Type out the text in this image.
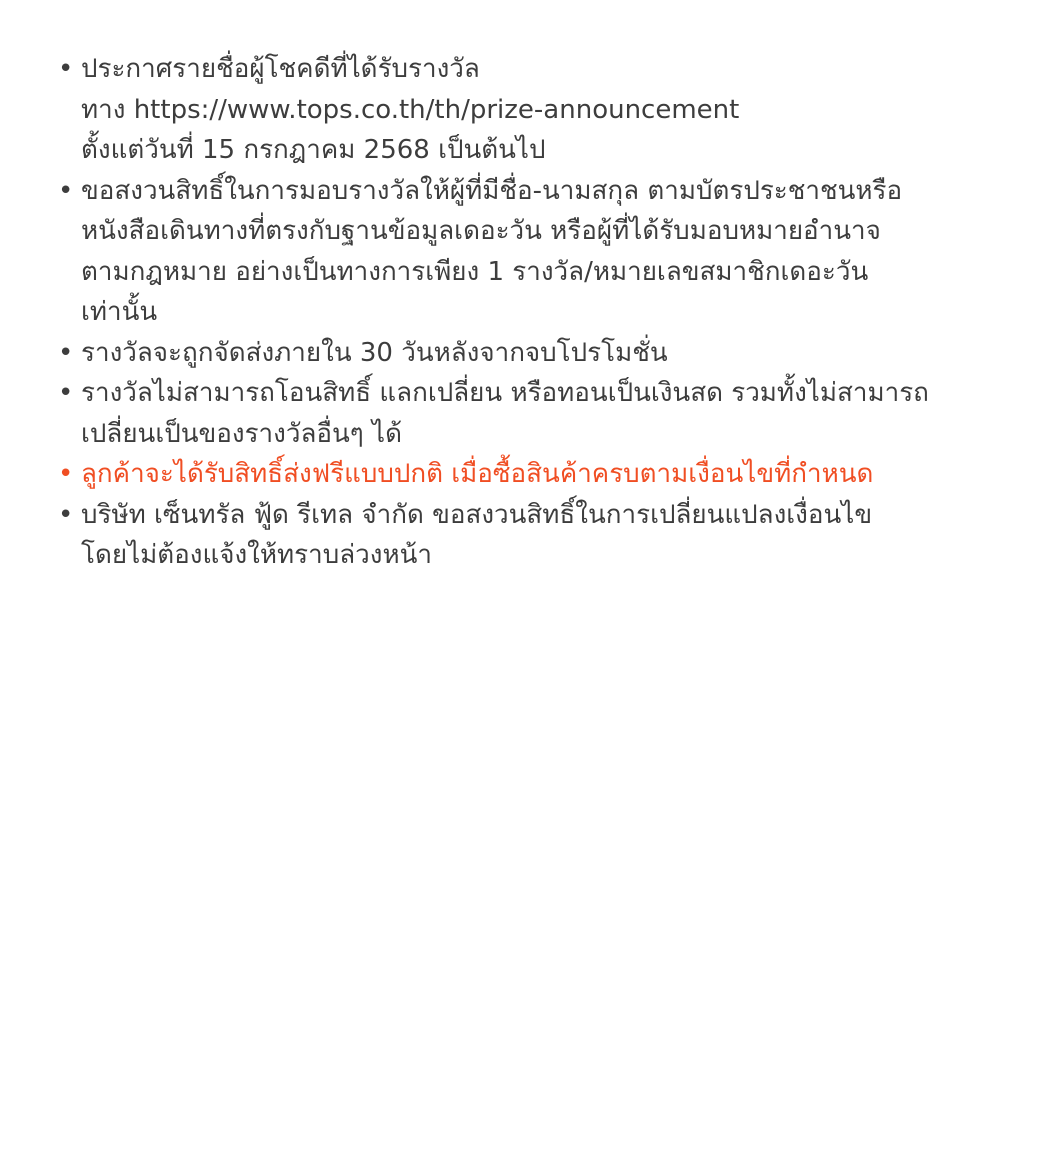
• ประกาศรายชื่อผู้โชคดีที่ได้รับรางวัล
ทาง https://www.tops.co.th/th/prize-announcement
ตั้งแต่วันที่ 15 กรกฎาคม 2568 เป็นต้นไป
• ขอสงวนสิทธิ์ในการมอบรางวัลให้ผู้ที่มีชื่อ-นามสกุล ตามบัตรประชาชนหรือ
หนังสือเดินทางที่ตรงกับฐานข้อมูลเดอะวัน หรือผู้ที่ได้รับมอบหมายอำนาจ
ตามกฎหมาย อย่างเป็นทางการเพียง 1 รางวัล/หมายเลขสมาชิกเดอะวัน
เท่านั้น
• รางวัลจะถูกจัดส่งภายใน 30 วันหลังจากจบโปรโมชั่น
• รางวัลไม่สามารถโอนสิทธิ์ แลกเปลี่ยน หรือทอนเป็นเงินสด รวมทั้งไม่สามารถ
เปลี่ยนเป็นของรางวัลอื่นๆ ได้
• ลูกค้าจะได้รับสิทธิ์ส่งฟรีแบบปกติ เมื่อซื้อสินค้าครบตามเงื่อนไขที่กำหนด
• บริษัท เซ็นทรัล ฟู้ด รีเทล จำกัด ขอสงวนสิทธิ์ในการเปลี่ยนแปลงเงื่อนไข
โดยไม่ต้องแจ้งให้ทราบล่วงหน้า
